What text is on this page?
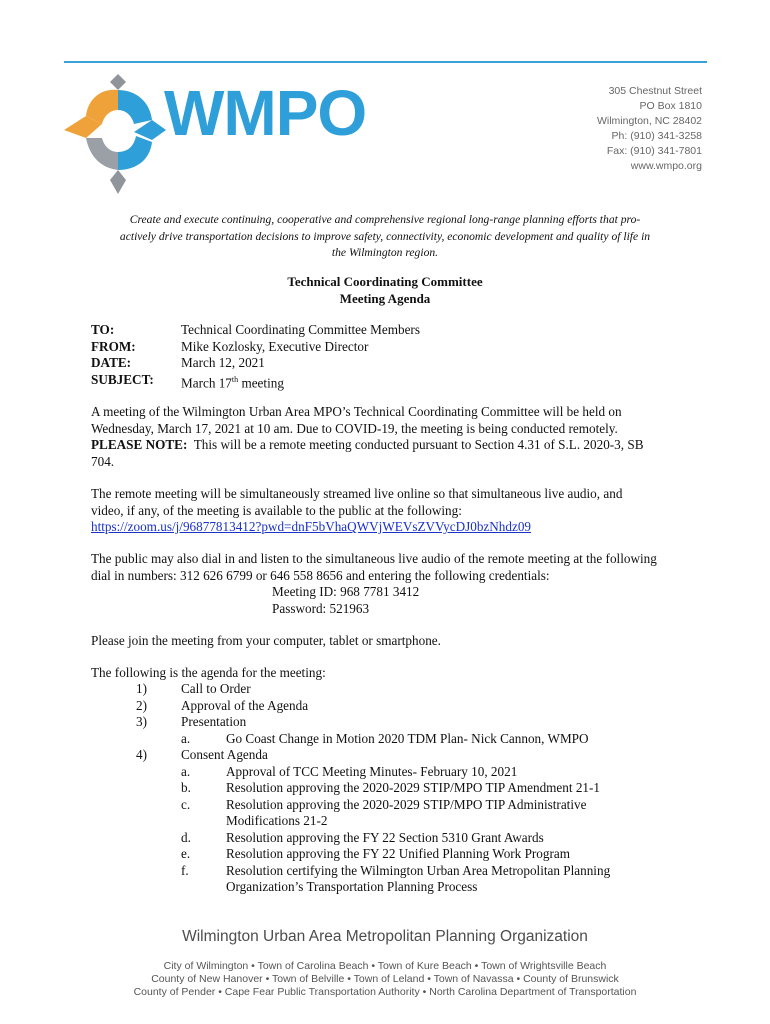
WMPO	305 Chestnut Street
PO Box 1810
Wilmington, NC 28402
Ph: (910) 341-3258
Fax: (910) 341-7801
www.wmpo.org
Create and execute continuing, cooperative and comprehensive regional long-range planning efforts that pro-
actively drive transportation decisions to improve safety, connectivity, economic development and quality of life in
the Wilmington region.
Technical Coordinating Committee
Meeting Agenda
TO:	Technical Coordinating Committee Members
FROM:	Mike Kozlosky, Executive Director
DATE:	March 12, 2021
SUBJECT: March 17th meeting
A meeting of the Wilmington Urban Area MPO’s Technical Coordinating Committee will be held on
Wednesday, March 17, 2021 at 10 am. Due to COVID-19, the meeting is being conducted remotely.
PLEASE NOTE:  This will be a remote meeting conducted pursuant to Section 4.31 of S.L. 2020-3, SB
704.
The remote meeting will be simultaneously streamed live online so that simultaneous live audio, and
video, if any, of the meeting is available to the public at the following:
https://zoom.us/j/96877813412?pwd=dnF5bVhaQWVjWEVsZVVycDJ0bzNhdz09
The public may also dial in and listen to the simultaneous live audio of the remote meeting at the following
dial in numbers: 312 626 6799 or 646 558 8656 and entering the following credentials:
Meeting ID: 968 7781 3412
Password: 521963
Please join the meeting from your computer, tablet or smartphone.
The following is the agenda for the meeting:
1)	Call to Order
2)	Approval of the Agenda
3)	Presentation
a.	Go Coast Change in Motion 2020 TDM Plan- Nick Cannon, WMPO
4)	Consent Agenda
a.	Approval of TCC Meeting Minutes- February 10, 2021
b.	Resolution approving the 2020-2029 STIP/MPO TIP Amendment 21-1
c.	Resolution approving the 2020-2029 STIP/MPO TIP Administrative
Modifications 21-2
d.	Resolution approving the FY 22 Section 5310 Grant Awards
e.	Resolution approving the FY 22 Unified Planning Work Program
f.	Resolution certifying the Wilmington Urban Area Metropolitan Planning
Organization’s Transportation Planning Process
Wilmington Urban Area Metropolitan Planning Organization
City of Wilmington • Town of Carolina Beach • Town of Kure Beach • Town of Wrightsville Beach
County of New Hanover • Town of Belville • Town of Leland • Town of Navassa • County of Brunswick
County of Pender • Cape Fear Public Transportation Authority • North Carolina Department of Transportation
